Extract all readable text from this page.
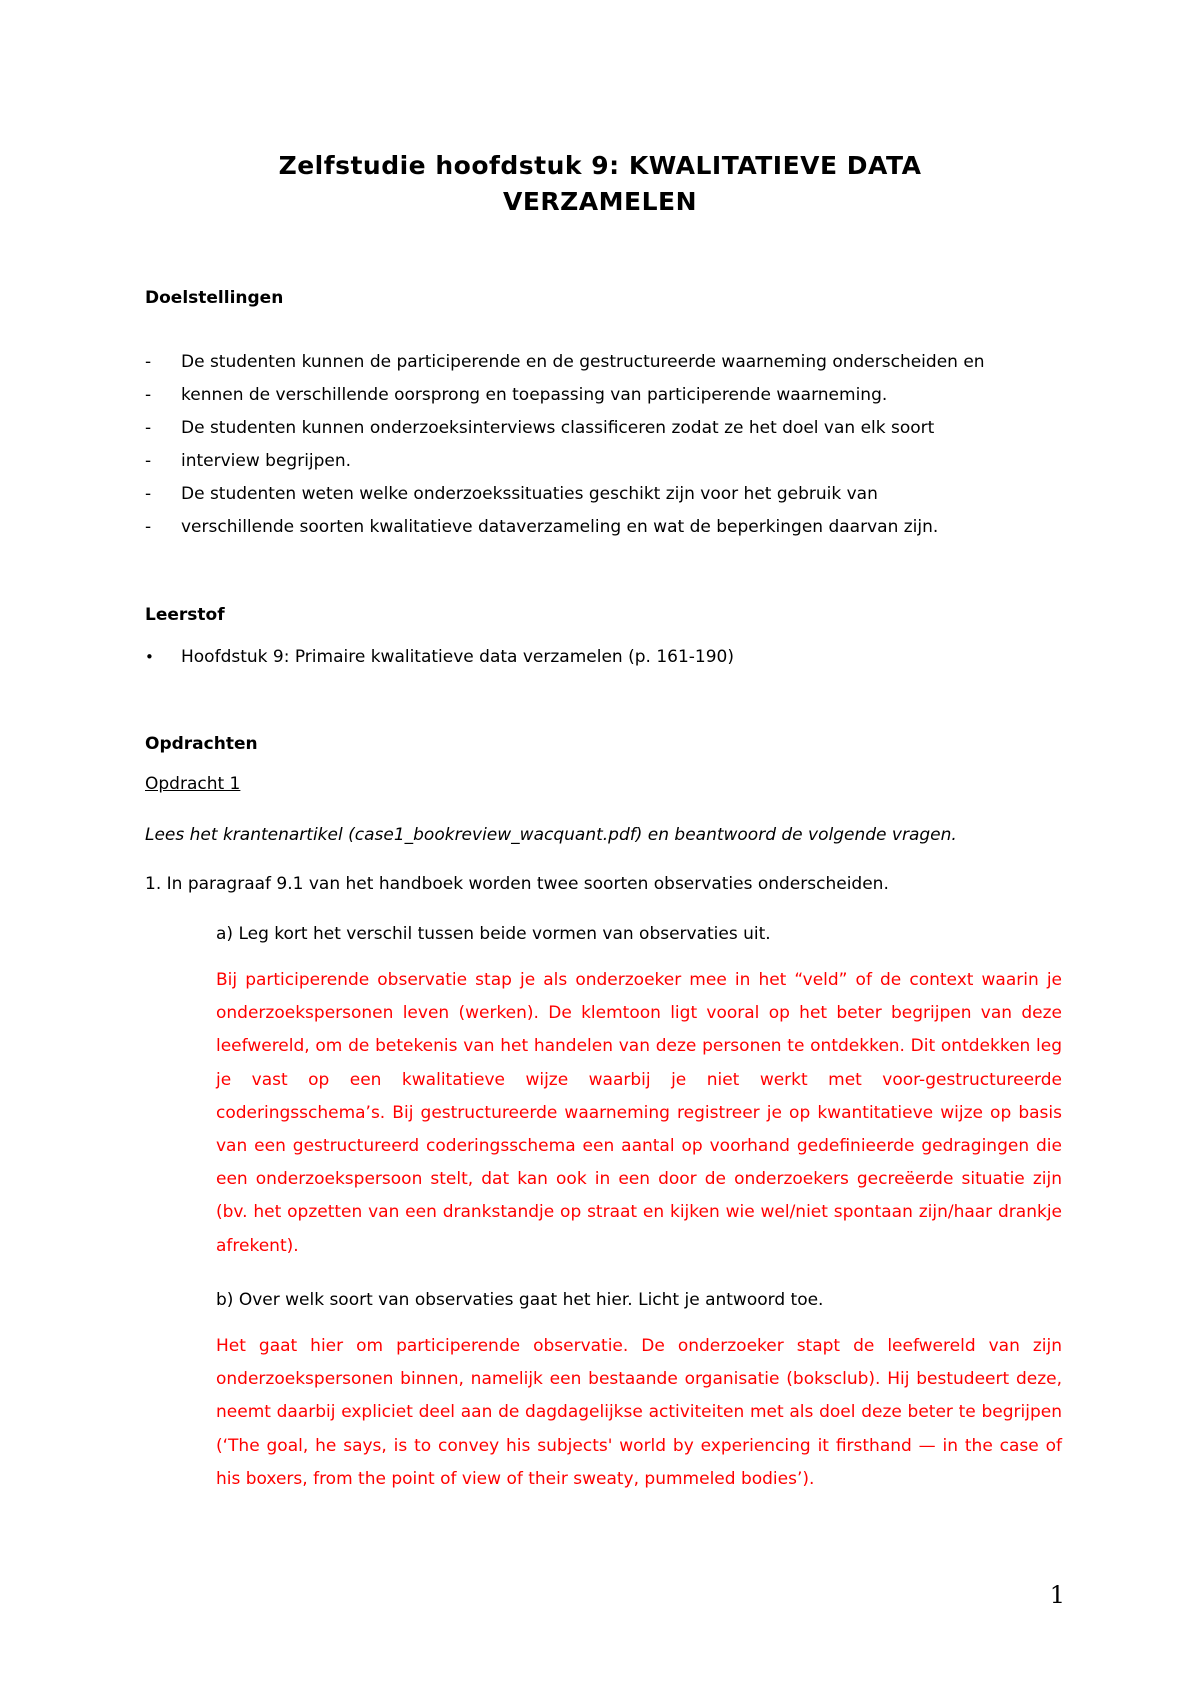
Zelfstudie hoofdstuk 9: KWALITATIEVE DATA
VERZAMELEN
Doelstellingen
-	De studenten kunnen de participerende en de gestructureerde waarneming onderscheiden en
-	kennen de verschillende oorsprong en toepassing van participerende waarneming.
-	De studenten kunnen onderzoeksinterviews classificeren zodat ze het doel van elk soort
-	interview begrijpen.
-	De studenten weten welke onderzoekssituaties geschikt zijn voor het gebruik van
-	verschillende soorten kwalitatieve dataverzameling en wat de beperkingen daarvan zijn.
Leerstof
•	Hoofdstuk 9: Primaire kwalitatieve data verzamelen (p. 161-190)
Opdrachten
Opdracht 1
Lees het krantenartikel (case1_bookreview_wacquant.pdf) en beantwoord de volgende vragen.
1. In paragraaf 9.1 van het handboek worden twee soorten observaties onderscheiden.
a) Leg kort het verschil tussen beide vormen van observaties uit.

Bij participerende observatie stap je als onderzoeker mee in het “veld” of de context waarin je onderzoekspersonen leven (werken). De klemtoon ligt vooral op het beter begrijpen van deze leefwereld, om de betekenis van het handelen van deze personen te ontdekken. Dit ontdekken leg je vast op een kwalitatieve wijze waarbij je niet werkt met voor-gestructureerde coderingsschema’s. Bij gestructureerde waarneming registreer je op kwantitatieve wijze op basis van een gestructureerd coderingsschema een aantal op voorhand gedefinieerde gedragingen die een onderzoekspersoon stelt, dat kan ook in een door de onderzoekers gecreëerde situatie zijn (bv. het opzetten van een drankstandje op straat en kijken wie wel/niet spontaan zijn/haar drankje afrekent).

b) Over welk soort van observaties gaat het hier. Licht je antwoord toe.

Het gaat hier om participerende observatie. De onderzoeker stapt de leefwereld van zijn onderzoekspersonen binnen, namelijk een bestaande organisatie (boksclub). Hij bestudeert deze, neemt daarbij expliciet deel aan de dagdagelijkse activiteiten met als doel deze beter te begrijpen (‘The goal, he says, is to convey his subjects' world by experiencing it firsthand — in the case of his boxers, from the point of view of their sweaty, pummeled bodies’).

1
